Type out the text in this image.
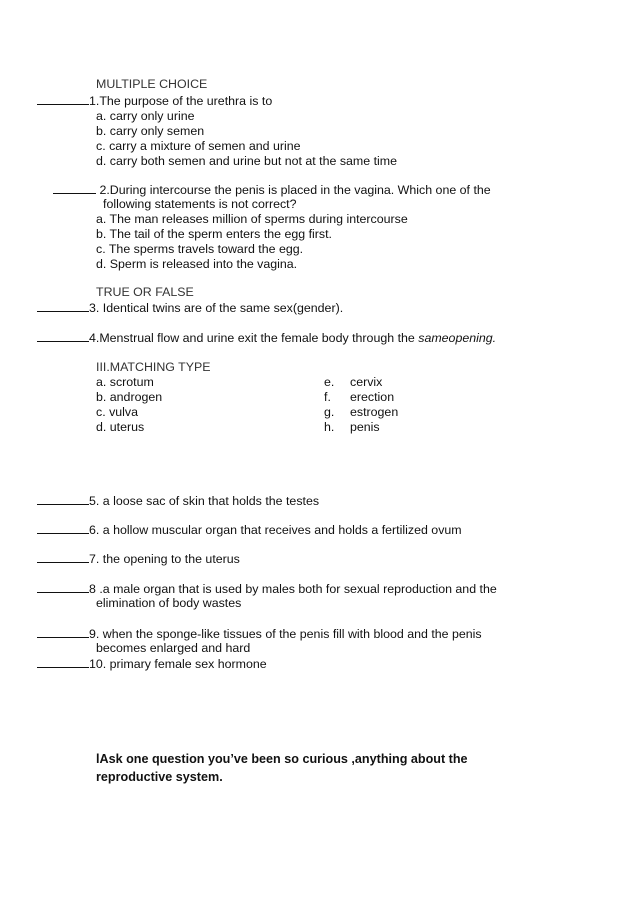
MULTIPLE CHOICE
1.The purpose of the urethra is to
a. carry only urine
b. carry only semen
c. carry a mixture of semen and urine
d. carry both semen and urine but not at the same time
2.During intercourse the penis is placed in the vagina. Which one of the
following statements is not correct?
a. The man releases million of sperms during intercourse
b. The tail of the sperm enters the egg first.
c. The sperms travels toward the egg.
d. Sperm is released into the vagina.
TRUE OR FALSE
3. Identical twins are of the same sex(gender).
4.Menstrual flow and urine exit the female body through the sameopening.
III.MATCHING TYPE
a. scrotum
b. androgen
c. vulva
d. uterus
e.
f.
g.
h.
cervix
erection
estrogen
penis
5. a loose sac of skin that holds the testes
6. a hollow muscular organ that receives and holds a fertilized ovum
7. the opening to the uterus
8 .a male organ that is used by males both for sexual reproduction and the
elimination of body wastes
9. when the sponge-like tissues of the penis fill with blood and the penis
becomes enlarged and hard
10. primary female sex hormone
lAsk one question you’ve been so curious ,anything about the
reproductive system.
